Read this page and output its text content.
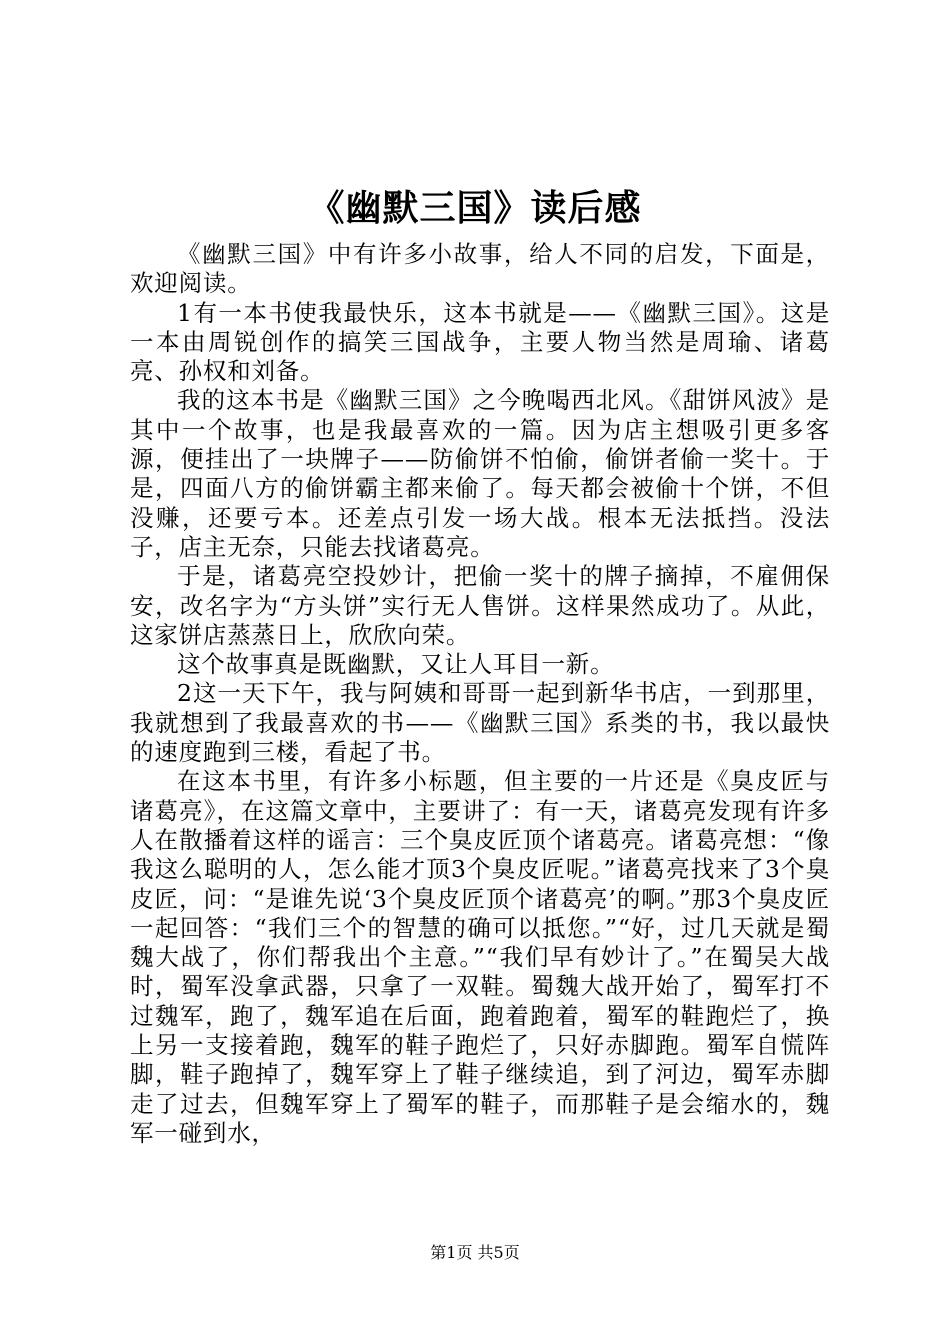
《幽默三国》读后感

《幽默三国》中有许多小故事，给人不同的启发，下面是，欢迎阅读。

1有一本书使我最快乐，这本书就是——《幽默三国》。这是一本由周锐创作的搞笑三国战争，主要人物当然是周瑜、诸葛亮、孙权和刘备。

我的这本书是《幽默三国》之今晚喝西北风。《甜饼风波》是其中一个故事，也是我最喜欢的一篇。因为店主想吸引更多客源，便挂出了一块牌子——防偷饼不怕偷，偷饼者偷一奖十。于是，四面八方的偷饼霸主都来偷了。每天都会被偷十个饼，不但没赚，还要亏本。还差点引发一场大战。根本无法抵挡。没法子，店主无奈，只能去找诸葛亮。

于是，诸葛亮空投妙计，把偷一奖十的牌子摘掉，不雇佣保安，改名字为“方头饼”实行无人售饼。这样果然成功了。从此，这家饼店蒸蒸日上，欣欣向荣。

这个故事真是既幽默，又让人耳目一新。

2这一天下午，我与阿姨和哥哥一起到新华书店，一到那里，我就想到了我最喜欢的书——《幽默三国》系类的书，我以最快的速度跑到三楼，看起了书。

在这本书里，有许多小标题，但主要的一片还是《臭皮匠与诸葛亮》，在这篇文章中，主要讲了：有一天，诸葛亮发现有许多人在散播着这样的谣言：三个臭皮匠顶个诸葛亮。诸葛亮想：“像我这么聪明的人，怎么能才顶3个臭皮匠呢。”诸葛亮找来了3个臭皮匠，问：“是谁先说‘3个臭皮匠顶个诸葛亮’的啊。”那3个臭皮匠一起回答：“我们三个的智慧的确可以抵您。”“好，过几天就是蜀魏大战了，你们帮我出个主意。”“我们早有妙计了。”在蜀吴大战时，蜀军没拿武器，只拿了一双鞋。蜀魏大战开始了，蜀军打不过魏军，跑了，魏军追在后面，跑着跑着，蜀军的鞋跑烂了，换上另一支接着跑，魏军的鞋子跑烂了，只好赤脚跑。蜀军自慌阵脚，鞋子跑掉了，魏军穿上了鞋子继续追，到了河边，蜀军赤脚走了过去，但魏军穿上了蜀军的鞋子，而那鞋子是会缩水的，魏军一碰到水，

第1页 共5页
